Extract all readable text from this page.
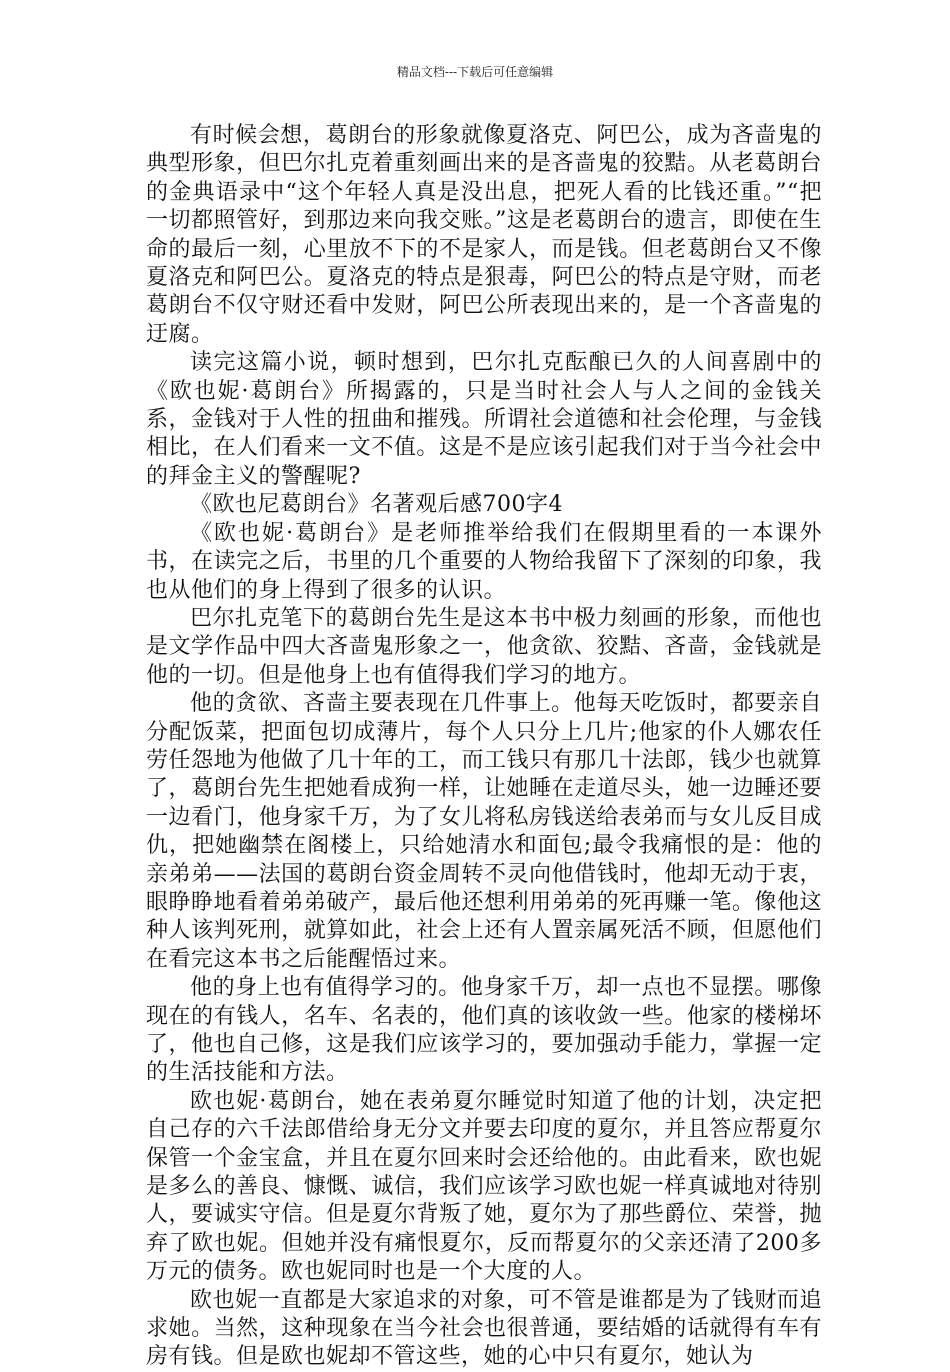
精品文档---下载后可任意编辑

有时候会想，葛朗台的形象就像夏洛克、阿巴公，成为吝啬鬼的典型形象，但巴尔扎克着重刻画出来的是吝啬鬼的狡黠。从老葛朗台的金典语录中“这个年轻人真是没出息，把死人看的比钱还重。”“把一切都照管好，到那边来向我交账。”这是老葛朗台的遗言，即使在生命的最后一刻，心里放不下的不是家人，而是钱。但老葛朗台又不像夏洛克和阿巴公。夏洛克的特点是狠毒，阿巴公的特点是守财，而老葛朗台不仅守财还看中发财，阿巴公所表现出来的，是一个吝啬鬼的迂腐。

读完这篇小说，顿时想到，巴尔扎克酝酿已久的人间喜剧中的《欧也妮·葛朗台》所揭露的，只是当时社会人与人之间的金钱关系，金钱对于人性的扭曲和摧残。所谓社会道德和社会伦理，与金钱相比，在人们看来一文不值。这是不是应该引起我们对于当今社会中的拜金主义的警醒呢?

《欧也尼葛朗台》名著观后感700字4

《欧也妮·葛朗台》是老师推举给我们在假期里看的一本课外书，在读完之后，书里的几个重要的人物给我留下了深刻的印象，我也从他们的身上得到了很多的认识。

巴尔扎克笔下的葛朗台先生是这本书中极力刻画的形象，而他也是文学作品中四大吝啬鬼形象之一，他贪欲、狡黠、吝啬，金钱就是他的一切。但是他身上也有值得我们学习的地方。

他的贪欲、吝啬主要表现在几件事上。他每天吃饭时，都要亲自分配饭菜，把面包切成薄片，每个人只分上几片;他家的仆人娜农任劳任怨地为他做了几十年的工，而工钱只有那几十法郎，钱少也就算了，葛朗台先生把她看成狗一样，让她睡在走道尽头，她一边睡还要一边看门，他身家千万，为了女儿将私房钱送给表弟而与女儿反目成仇，把她幽禁在阁楼上，只给她清水和面包;最令我痛恨的是：他的亲弟弟——法国的葛朗台资金周转不灵向他借钱时，他却无动于衷，眼睁睁地看着弟弟破产，最后他还想利用弟弟的死再赚一笔。像他这种人该判死刑，就算如此，社会上还有人置亲属死活不顾，但愿他们在看完这本书之后能醒悟过来。

他的身上也有值得学习的。他身家千万，却一点也不显摆。哪像现在的有钱人，名车、名表的，他们真的该收敛一些。他家的楼梯坏了，他也自己修，这是我们应该学习的，要加强动手能力，掌握一定的生活技能和方法。

欧也妮·葛朗台，她在表弟夏尔睡觉时知道了他的计划，决定把自己存的六千法郎借给身无分文并要去印度的夏尔，并且答应帮夏尔保管一个金宝盒，并且在夏尔回来时会还给他的。由此看来，欧也妮是多么的善良、慷慨、诚信，我们应该学习欧也妮一样真诚地对待别人，要诚实守信。但是夏尔背叛了她，夏尔为了那些爵位、荣誉，抛弃了欧也妮。但她并没有痛恨夏尔，反而帮夏尔的父亲还清了200多万元的债务。欧也妮同时也是一个大度的人。

欧也妮一直都是大家追求的对象，可不管是谁都是为了钱财而追求她。当然，这种现象在当今社会也很普通，要结婚的话就得有车有房有钱。但是欧也妮却不管这些，她的心中只有夏尔，她认为
